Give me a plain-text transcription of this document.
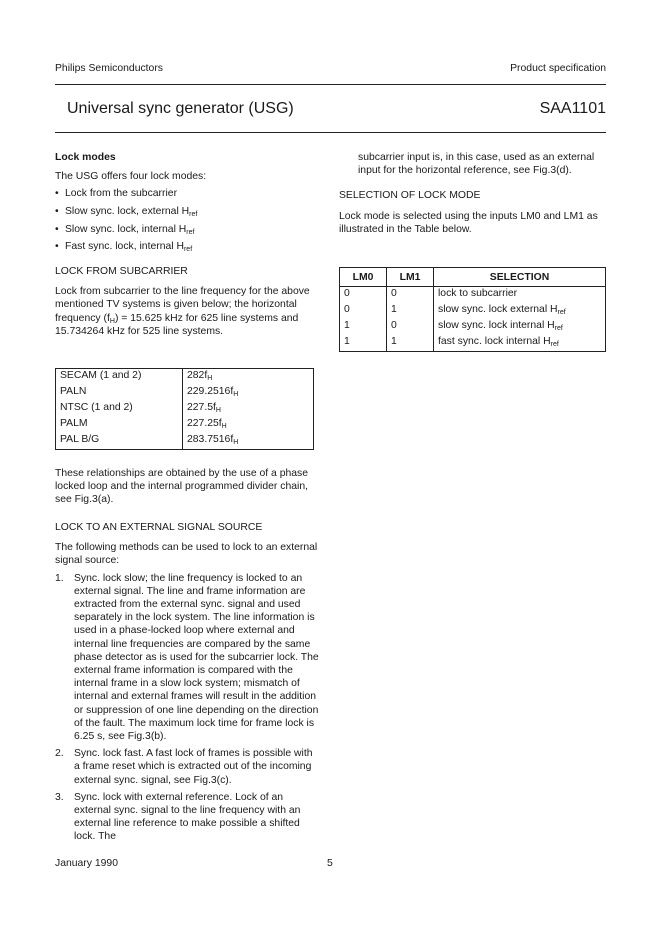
Philips Semiconductors	Product specification
Universal sync generator (USG)	SAA1101

Lock modes

The USG offers four lock modes:

• Lock from the subcarrier
• Slow sync. lock, external $H_{ref}$
• Slow sync. lock, internal $H_{ref}$
• Fast sync. lock, internal $H_{ref}$

LOCK FROM SUBCARRIER

Lock from subcarrier to the line frequency for the above mentioned TV systems is given below; the horizontal frequency $(f_H) = 15.625$ kHz for 625 line systems and 15.734264 kHz for 525 line systems.

SECAM (1 and 2)	$282f_H$
PALN	$229.2516f_H$
NTSC (1 and 2)	$227.5f_H$
PALM	$227.25f_H$
PAL B/G	$283.7516f_H$

These relationships are obtained by the use of a phase locked loop and the internal programmed divider chain, see Fig.3(a).

LOCK TO AN EXTERNAL SIGNAL SOURCE

The following methods can be used to lock to an external signal source:

1. Sync. lock slow; the line frequency is locked to an external signal. The line and frame information are extracted from the external sync. signal and used separately in the lock system. The line information is used in a phase-locked loop where external and internal line frequencies are compared by the same phase detector as is used for the subcarrier lock. The external frame information is compared with the internal frame in a slow lock system; mismatch of internal and external frames will result in the addition or suppression of one line depending on the direction of the fault. The maximum lock time for frame lock is 6.25 s, see Fig.3(b).
2. Sync. lock fast. A fast lock of frames is possible with a frame reset which is extracted out of the incoming external sync. signal, see Fig.3(c).
3. Sync. lock with external reference. Lock of an external sync. signal to the line frequency with an external line reference to make possible a shifted lock. The

subcarrier input is, in this case, used as an external input for the horizontal reference, see Fig.3(d).

SELECTION OF LOCK MODE

Lock mode is selected using the inputs LM0 and LM1 as illustrated in the Table below.

LM0	LM1	SELECTION
0	0	lock to subcarrier
0	1	slow sync. lock external $H_{ref}$
1	0	slow sync. lock internal $H_{ref}$
1	1	fast sync. lock internal $H_{ref}$
January 1990	5
